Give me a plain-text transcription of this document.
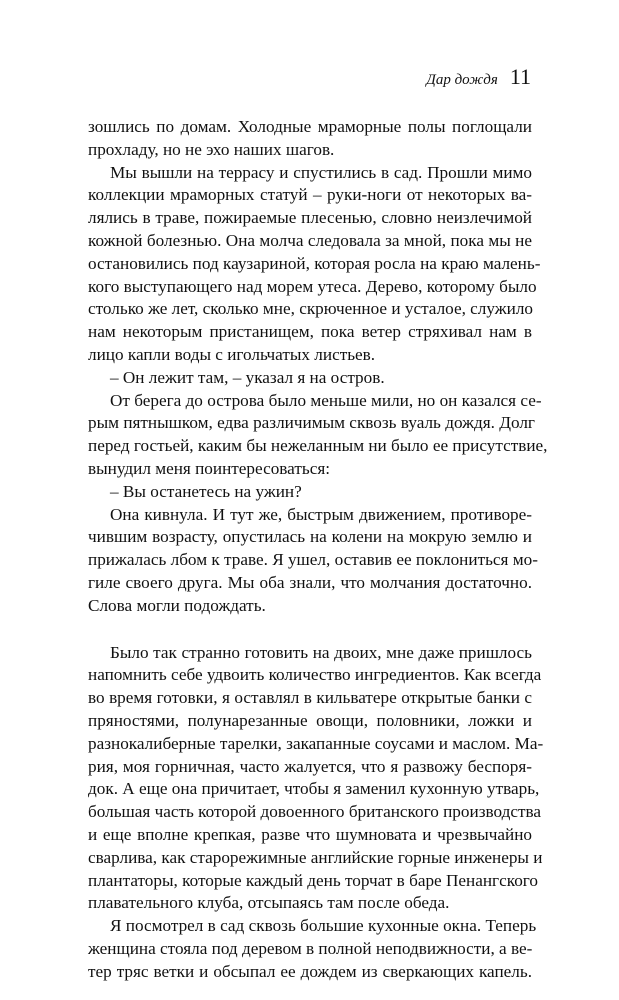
Дар дождя 11
зошлись по домам. Холодные мраморные полы поглощали
прохладу, но не эхо наших шагов.
Мы вышли на террасу и спустились в сад. Прошли мимо
коллекции мраморных статуй – руки-ноги от некоторых ва-
лялись в траве, пожираемые плесенью, словно неизлечимой
кожной болезнью. Она молча следовала за мной, пока мы не
остановились под каузариной, которая росла на краю малень-
кого выступающего над морем утеса. Дерево, которому было
столько же лет, сколько мне, скрюченное и усталое, служило
нам некоторым пристанищем, пока ветер стряхивал нам в
лицо капли воды с игольчатых листьев.
– Он лежит там, – указал я на остров.
От берега до острова было меньше мили, но он казался се-
рым пятнышком, едва различимым сквозь вуаль дождя. Долг
перед гостьей, каким бы нежеланным ни было ее присутствие,
вынудил меня поинтересоваться:
– Вы останетесь на ужин?
Она кивнула. И тут же, быстрым движением, противоре-
чившим возрасту, опустилась на колени на мокрую землю и
прижалась лбом к траве. Я ушел, оставив ее поклониться мо-
гиле своего друга. Мы оба знали, что молчания достаточно.
Слова могли подождать.
Было так странно готовить на двоих, мне даже пришлось
напомнить себе удвоить количество ингредиентов. Как всегда
во время готовки, я оставлял в кильватере открытые банки с
пряностями, полунарезанные овощи, половники, ложки и
разнокалиберные тарелки, закапанные соусами и маслом. Ма-
рия, моя горничная, часто жалуется, что я развожу беспоря-
док. А еще она причитает, чтобы я заменил кухонную утварь,
большая часть которой довоенного британского производства
и еще вполне крепкая, разве что шумновата и чрезвычайно
сварлива, как старорежимные английские горные инженеры и
плантаторы, которые каждый день торчат в баре Пенангского
плавательного клуба, отсыпаясь там после обеда.
Я посмотрел в сад сквозь большие кухонные окна. Теперь
женщина стояла под деревом в полной неподвижности, а ве-
тер тряс ветки и обсыпал ее дождем из сверкающих капель.
